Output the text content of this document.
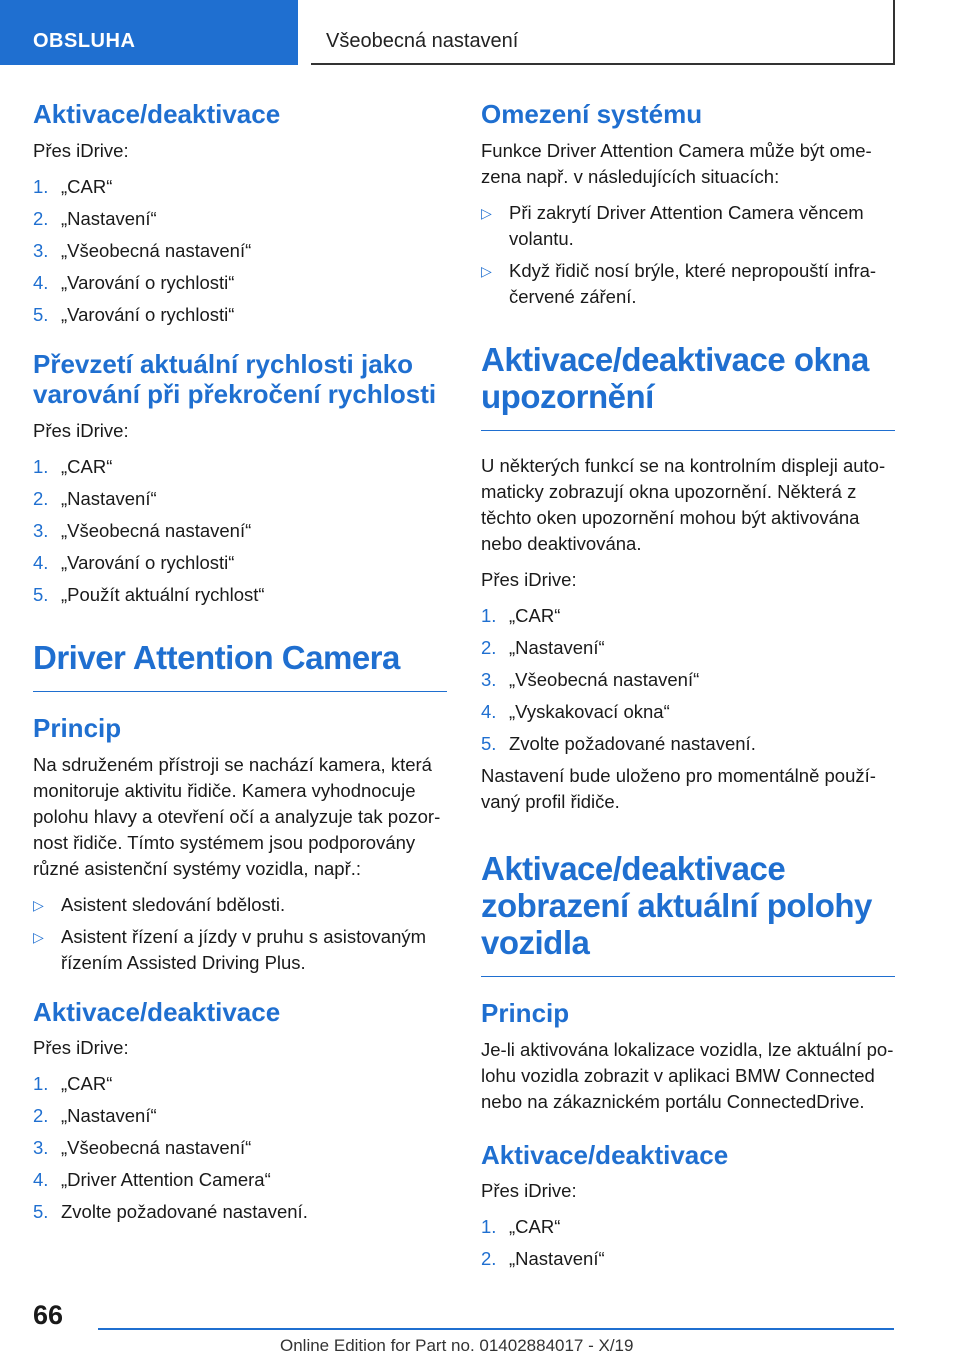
OBSLUHA	Všeobecná nastavení
Aktivace/deaktivace

Přes iDrive:

1. „CAR“
2. „Nastavení“
3. „Všeobecná nastavení“
4. „Varování o rychlosti“
5. „Varování o rychlosti“
Převzetí aktuální rychlosti jako varování při překročení rychlosti

Přes iDrive:

1. „CAR“
2. „Nastavení“
3. „Všeobecná nastavení“
4. „Varování o rychlosti“
5. „Použít aktuální rychlost“
Driver Attention Camera
Princip

Na sdruženém přístroji se nachází kamera, která monitoruje aktivitu řidiče. Kamera vyhodnocuje polohu hlavy a otevření očí a analyzuje tak pozornost řidiče. Tímto systémem jsou podporovány různé asistenční systémy vozidla, např.:

▷ Asistent sledování bdělosti.
▷ Asistent řízení a jízdy v pruhu s asistovaným řízením Assisted Driving Plus.
Aktivace/deaktivace

Přes iDrive:

1. „CAR“
2. „Nastavení“
3. „Všeobecná nastavení“
4. „Driver Attention Camera“
5. Zvolte požadované nastavení.
Omezení systému

Funkce Driver Attention Camera může být omezena např. v následujících situacích:

▷ Při zakrytí Driver Attention Camera věncem volantu.
▷ Když řidič nosí brýle, které nepropouští infračervené záření.
Aktivace/deaktivace okna upozornění

U některých funkcí se na kontrolním displeji automaticky zobrazují okna upozornění. Některá z těchto oken upozornění mohou být aktivována nebo deaktivována.

Přes iDrive:

1. „CAR“
2. „Nastavení“
3. „Všeobecná nastavení“
4. „Vyskakovací okna“
5. Zvolte požadované nastavení.

Nastavení bude uloženo pro momentálně používaný profil řidiče.

Aktivace/deaktivace zobrazení aktuální polohy vozidla
Princip

Je-li aktivována lokalizace vozidla, lze aktuální polohu vozidla zobrazit v aplikaci BMW Connected nebo na zákaznickém portálu ConnectedDrive.

Aktivace/deaktivace

Přes iDrive:

1. „CAR“
2. „Nastavení“
66
Online Edition for Part no. 01402884017 - X/19
